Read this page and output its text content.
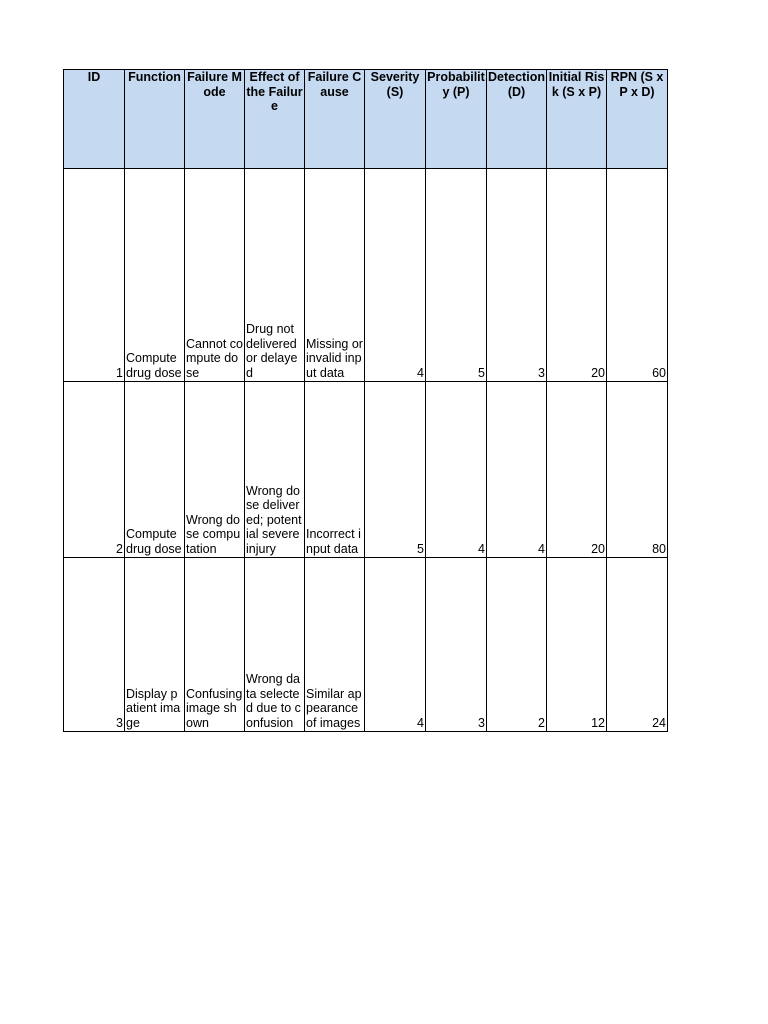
ID	Function	Failure Mode	Effect of the Failure	Failure Cause	Severity (S)	Probability (P)	Detection (D)	Initial Risk (S x P)	RPN (S x P x D)
1	Compute drug dose	Cannot compute dose	Drug not delivered or delayed	Missing or invalid input data	4	5	3	20	60
2	Compute drug dose	Wrong dose computation	Wrong dose delivered; potential severe injury	Incorrect input data	5	4	4	20	80
3	Display patient image	Confusing image shown	Wrong data selected due to confusion	Similar appearance of images	4	3	2	12	24
